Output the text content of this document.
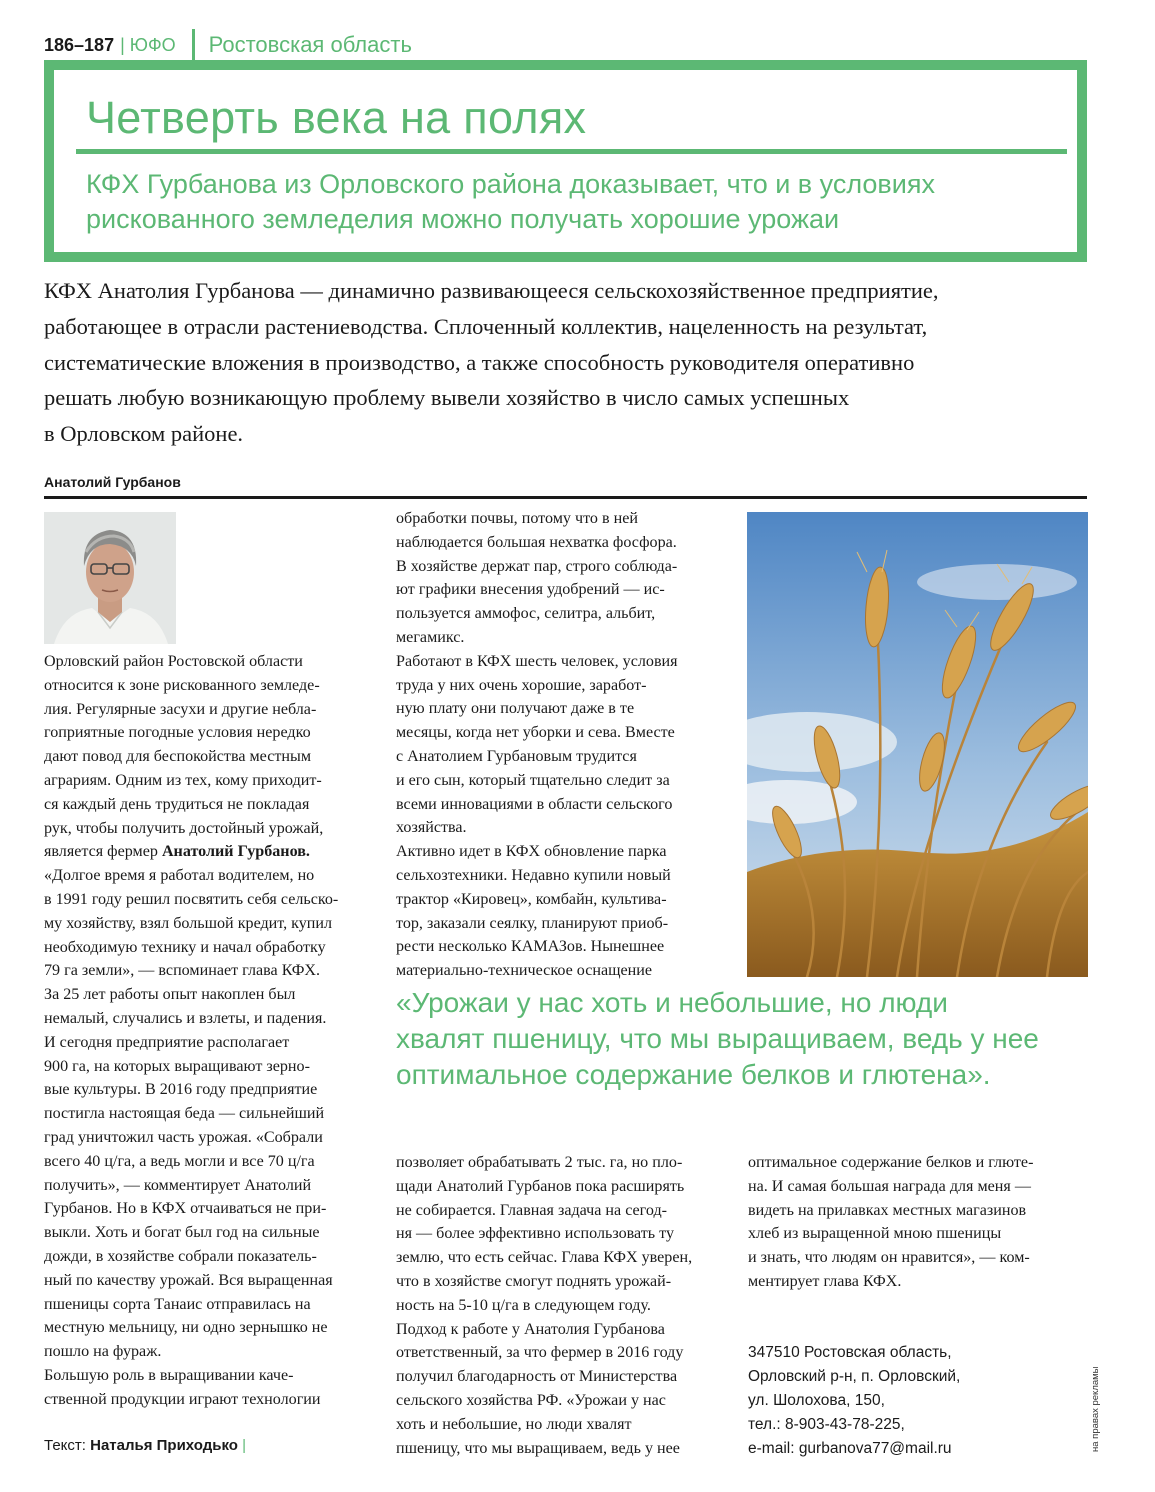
186–187 | ЮФО Ростовская область
Четверть века на полях
КФХ Гурбанова из Орловского района доказывает, что и в условиях
рискованного земледелия можно получать хорошие урожаи
КФХ Анатолия Гурбанова — динамично развивающееся сельскохозяйственное предприятие,
работающее в отрасли растениеводства. Сплоченный коллектив, нацеленность на результат,
систематические вложения в производство, а также способность руководителя оперативно
решать любую возникающую проблему вывели хозяйство в число самых успешных
в Орловском районе.
Анатолий Гурбанов
Орловский район Ростовской области
относится к зоне рискованного земледе-
лия. Регулярные засухи и другие небла-
гоприятные погодные условия нередко
дают повод для беспокойства местным
аграриям. Одним из тех, кому приходит-
ся каждый день трудиться не покладая
рук, чтобы получить достойный урожай,
является фермер Анатолий Гурбанов.
«Долгое время я работал водителем, но
в 1991 году решил посвятить себя сельско-
му хозяйству, взял большой кредит, купил
необходимую технику и начал обработку
79 га земли», — вспоминает глава КФХ.
За 25 лет работы опыт накоплен был
немалый, случались и взлеты, и падения.
И сегодня предприятие располагает
900 га, на которых выращивают зерно-
вые культуры. В 2016 году предприятие
постигла настоящая беда — сильнейший
град уничтожил часть урожая. «Собрали
всего 40 ц/га, а ведь могли и все 70 ц/га
получить», — комментирует Анатолий
Гурбанов. Но в КФХ отчаиваться не при-
выкли. Хоть и богат был год на сильные
дожди, в хозяйстве собрали показатель-
ный по качеству урожай. Вся выращенная
пшеницы сорта Танаис отправилась на
местную мельницу, ни одно зернышко не
пошло на фураж.
Большую роль в выращивании каче-
ственной продукции играют технологии
обработки почвы, потому что в ней
наблюдается большая нехватка фосфора.
В хозяйстве держат пар, строго соблюда-
ют графики внесения удобрений — ис-
пользуется аммофос, селитра, альбит,
мегамикс.
Работают в КФХ шесть человек, условия
труда у них очень хорошие, заработ-
ную плату они получают даже в те
месяцы, когда нет уборки и сева. Вместе
с Анатолием Гурбановым трудится
и его сын, который тщательно следит за
всеми инновациями в области сельского
хозяйства.
Активно идет в КФХ обновление парка
сельхозтехники. Недавно купили новый
трактор «Кировец», комбайн, культива-
тор, заказали сеялку, планируют приоб-
рести несколько КАМАЗов. Нынешнее
материально-техническое оснащение
«Урожаи у нас хоть и небольшие, но люди
хвалят пшеницу, что мы выращиваем, ведь у нее
оптимальное содержание белков и глютена».
позволяет обрабатывать 2 тыс. га, но пло-
щади Анатолий Гурбанов пока расширять
не собирается. Главная задача на сегод-
ня — более эффективно использовать ту
землю, что есть сейчас. Глава КФХ уверен,
что в хозяйстве смогут поднять урожай-
ность на 5-10 ц/га в следующем году.
Подход к работе у Анатолия Гурбанова
ответственный, за что фермер в 2016 году
получил благодарность от Министерства
сельского хозяйства РФ. «Урожаи у нас
хоть и небольшие, но люди хвалят
пшеницу, что мы выращиваем, ведь у нее
оптимальное содержание белков и глюте-
на. И самая большая награда для меня —
видеть на прилавках местных магазинов
хлеб из выращенной мною пшеницы
и знать, что людям он нравится», — ком-
ментирует глава КФХ.
347510 Ростовская область,
Орловский р-н, п. Орловский,
ул. Шолохова, 150,
тел.: 8-903-43-78-225,
e-mail: gurbanova77@mail.ru
Текст: Наталья Приходько |	на правах рекламы
